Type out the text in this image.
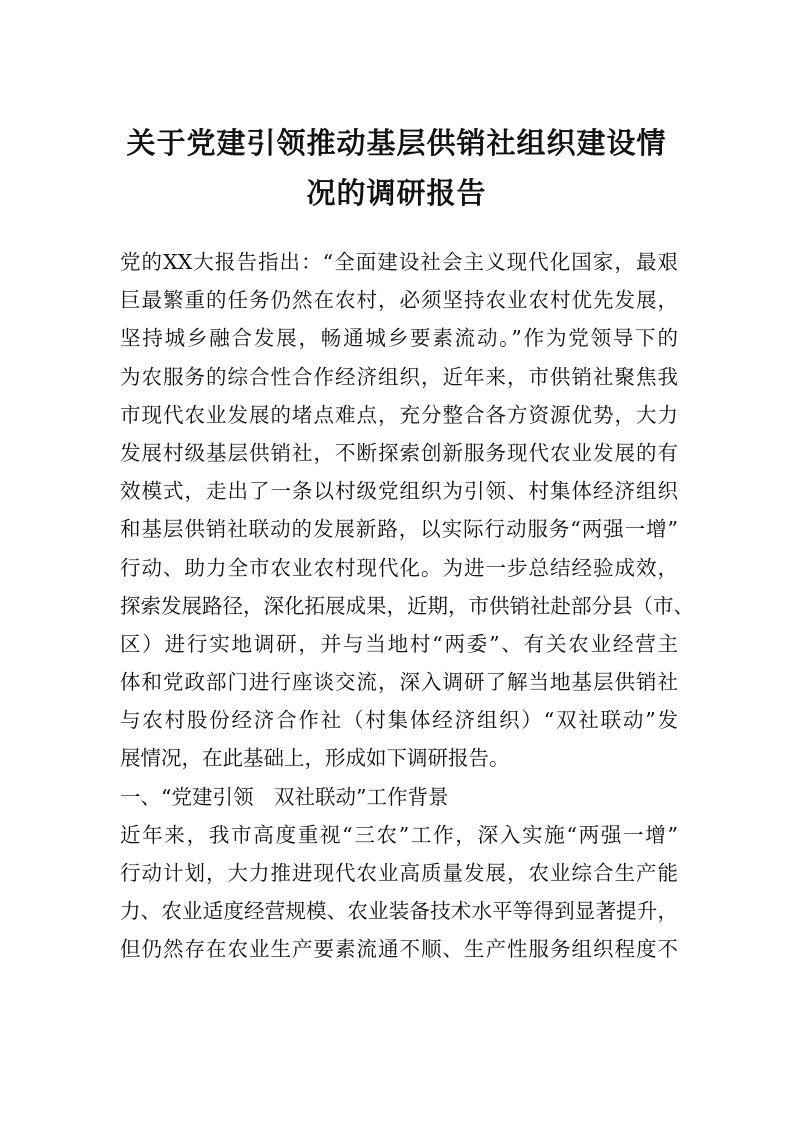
关于党建引领推动基层供销社组织建设情
况的调研报告
党的XX大报告指出：“全面建设社会主义现代化国家，最艰
巨最繁重的任务仍然在农村，必须坚持农业农村优先发展，
坚持城乡融合发展，畅通城乡要素流动。”作为党领导下的
为农服务的综合性合作经济组织，近年来，市供销社聚焦我
市现代农业发展的堵点难点，充分整合各方资源优势，大力
发展村级基层供销社，不断探索创新服务现代农业发展的有
效模式，走出了一条以村级党组织为引领、村集体经济组织
和基层供销社联动的发展新路，以实际行动服务“两强一增”
行动、助力全市农业农村现代化。为进一步总结经验成效，
探索发展路径，深化拓展成果，近期，市供销社赴部分县（市、
区）进行实地调研，并与当地村“两委”、有关农业经营主
体和党政部门进行座谈交流，深入调研了解当地基层供销社
与农村股份经济合作社（村集体经济组织）“双社联动”发
展情况，在此基础上，形成如下调研报告。
一、“党建引领　双社联动”工作背景
近年来，我市高度重视“三农”工作，深入实施“两强一增”
行动计划，大力推进现代农业高质量发展，农业综合生产能
力、农业适度经营规模、农业装备技术水平等得到显著提升，
但仍然存在农业生产要素流通不顺、生产性服务组织程度不
